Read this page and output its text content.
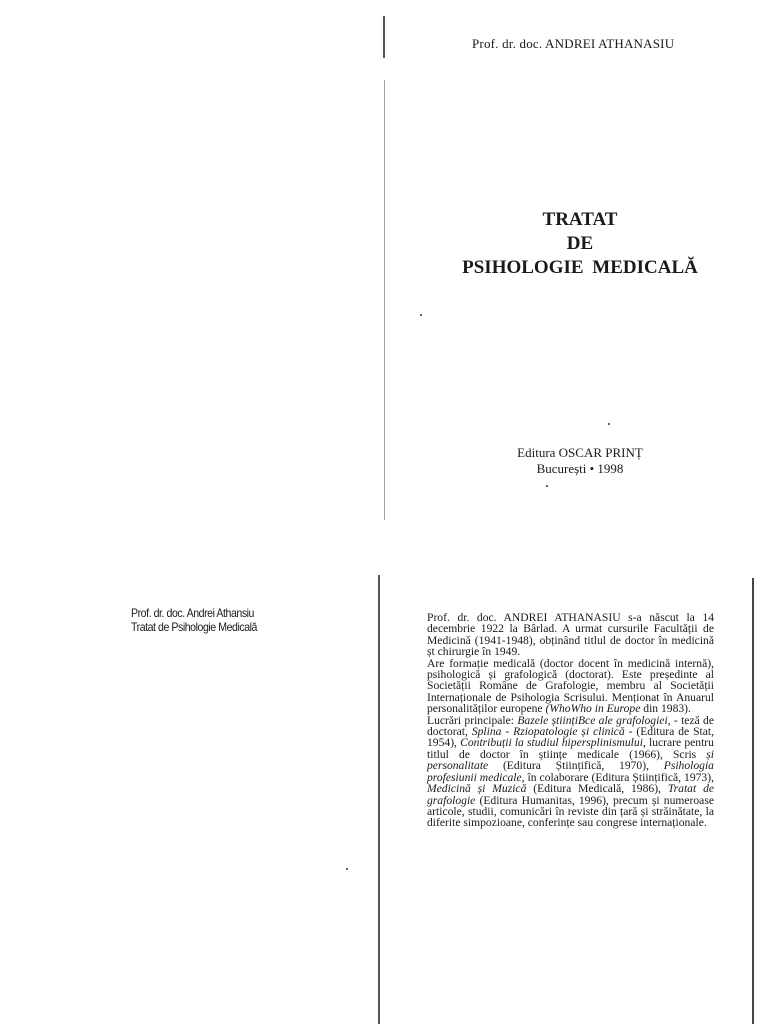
Prof. dr. doc. ANDREI ATHANASIU
TRATAT
DE
PSIHOLOGIE MEDICALĂ
Editura OSCAR PRINȚ
București • 1998
Prof. dr. doc. Andrei Athansiu
Tratat de Psihologie Medicală

Prof. dr. doc. ANDREI ATHANASIU s-a născut la 14 decembrie 1922 la Bârlad. A urmat cursurile Facultății de Medicină (1941-1948), obținând titlul de doctor în medicină șt chirurgie în 1949.

Are formație medicală (doctor docent în medicină internă), psihologică și grafologică (doctorat). Este președinte al Societății Române de Grafologie, membru al Societății Internaționale de Psihologia Scrisului. Menționat în Anuarul personalităților europene (WhoWho in Europe din 1983).

Lucrări principale: Bazele științiBce ale grafologiei, - teză de doctorat, Splina - Rziopatologie și clinică - (Editura de Stat, 1954), Contribuții la studiul hipersplinismului, lucrare pentru titlul de doctor în științe medicale (1966), Scris și personalitate (Editura Științifică, 1970), Psihologia profesiunii medicale, în colaborare (Editura Științifică, 1973), Medicină și Muzică (Editura Medicală, 1986), Tratat de grafologie (Editura Humanitas, 1996), precum și numeroase articole, studii, comunicări în reviste din țară și străinătate, la diferite simpozioane, conferințe sau congrese internaționale.
